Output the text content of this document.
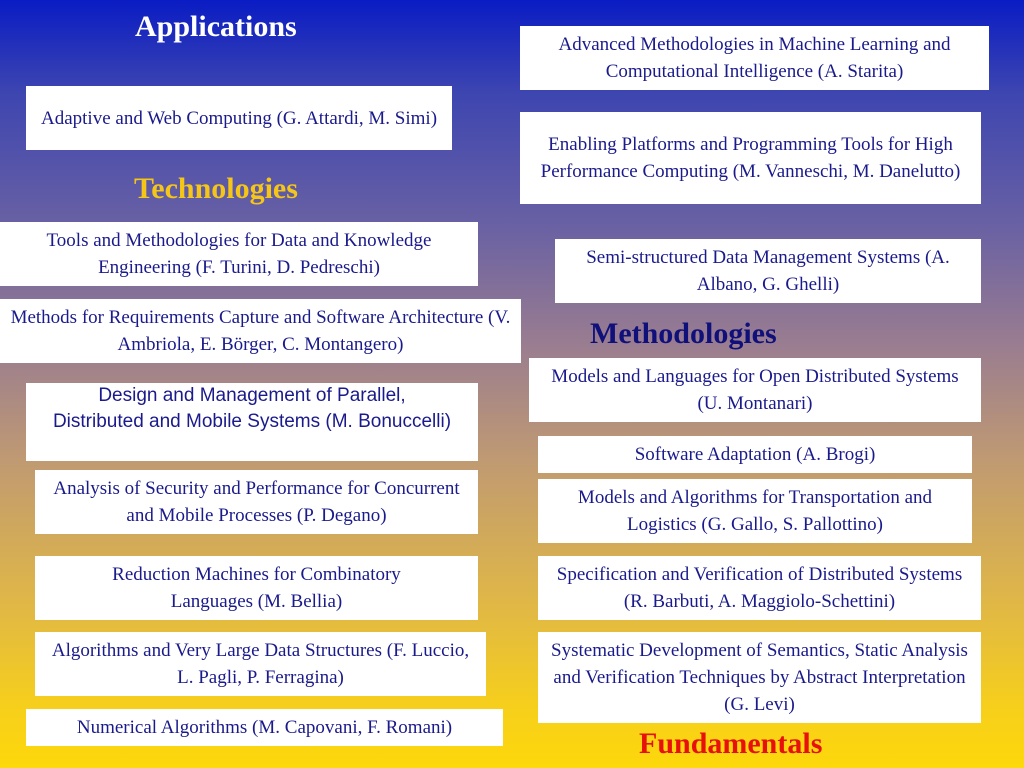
Applications
Technologies
Methodologies
Fundamentals
Adaptive and Web Computing (G. Attardi, M. Simi)
Tools and Methodologies for Data and Knowledge Engineering (F. Turini, D. Pedreschi)
Methods for Requirements Capture and Software Architecture (V. Ambriola, E. Börger, C. Montangero)
Design and Management of Parallel, Distributed and Mobile Systems (M. Bonuccelli)
Analysis of Security and Performance for Concurrent and Mobile Processes (P. Degano)
Reduction Machines for Combinatory Languages (M. Bellia)
Algorithms and Very Large Data Structures (F. Luccio, L. Pagli, P. Ferragina)
Numerical Algorithms (M. Capovani, F. Romani)
Advanced Methodologies in Machine Learning and Computational Intelligence (A. Starita)
Enabling Platforms and Programming Tools for High Performance Computing (M. Vanneschi, M. Danelutto)
Semi-structured Data Management Systems (A. Albano, G. Ghelli)
Models and Languages for Open Distributed Systems (U. Montanari)
Software Adaptation (A. Brogi)
Models and Algorithms for Transportation and Logistics (G. Gallo, S. Pallottino)
Specification and Verification of Distributed Systems (R. Barbuti, A. Maggiolo-Schettini)
Systematic Development of Semantics, Static Analysis and Verification Techniques by Abstract Interpretation (G. Levi)
